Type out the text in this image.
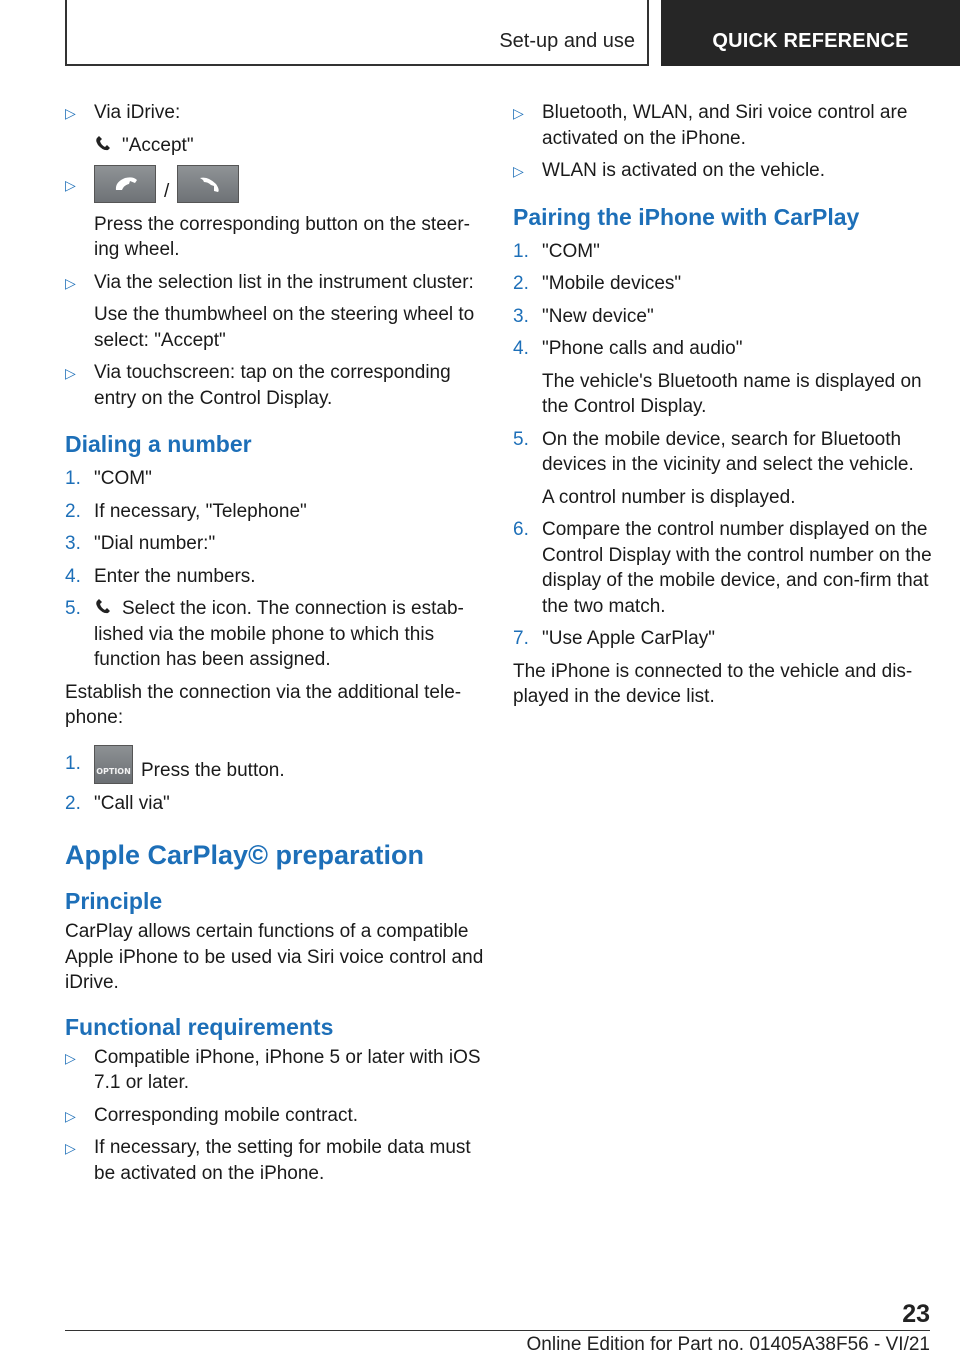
Set-up and use	QUICK REFERENCE
▷ Via iDrive:

"Accept"

▷	/

Press the corresponding button on the steer‐ing wheel.

▷ Via the selection list in the instrument cluster:

Use the thumbwheel on the steering wheel to select: "Accept"

▷ Via touchscreen: tap on the corresponding entry on the Control Display.

Dialing a number
1. "COM"

2. If necessary, "Telephone"

3. "Dial number:"

4. Enter the numbers.

5.	Select the icon. The connection is estab‐lished via the mobile phone to which this function has been assigned.

Establish the connection via the additional tele‐phone:

1. OPTION Press the button.

2. "Call via"

Apple CarPlay© preparation
Principle

CarPlay allows certain functions of a compatible Apple iPhone to be used via Siri voice control and iDrive.

Functional requirements
▷ Compatible iPhone, iPhone 5 or later with iOS 7.1 or later.

▷ Corresponding mobile contract.

▷ If necessary, the setting for mobile data must be activated on the iPhone.

▷ Bluetooth, WLAN, and Siri voice control are activated on the iPhone.

▷ WLAN is activated on the vehicle.

Pairing the iPhone with CarPlay
1. "COM"

2. "Mobile devices"

3. "New device"

4. "Phone calls and audio"

The vehicle's Bluetooth name is displayed on the Control Display.

5. On the mobile device, search for Bluetooth devices in the vicinity and select the vehicle.

A control number is displayed.

6. Compare the control number displayed on the Control Display with the control number on the display of the mobile device, and con‐firm that the two match.

7. "Use Apple CarPlay"

The iPhone is connected to the vehicle and dis‐played in the device list.

23
Online Edition for Part no. 01405A38F56 - VI/21
